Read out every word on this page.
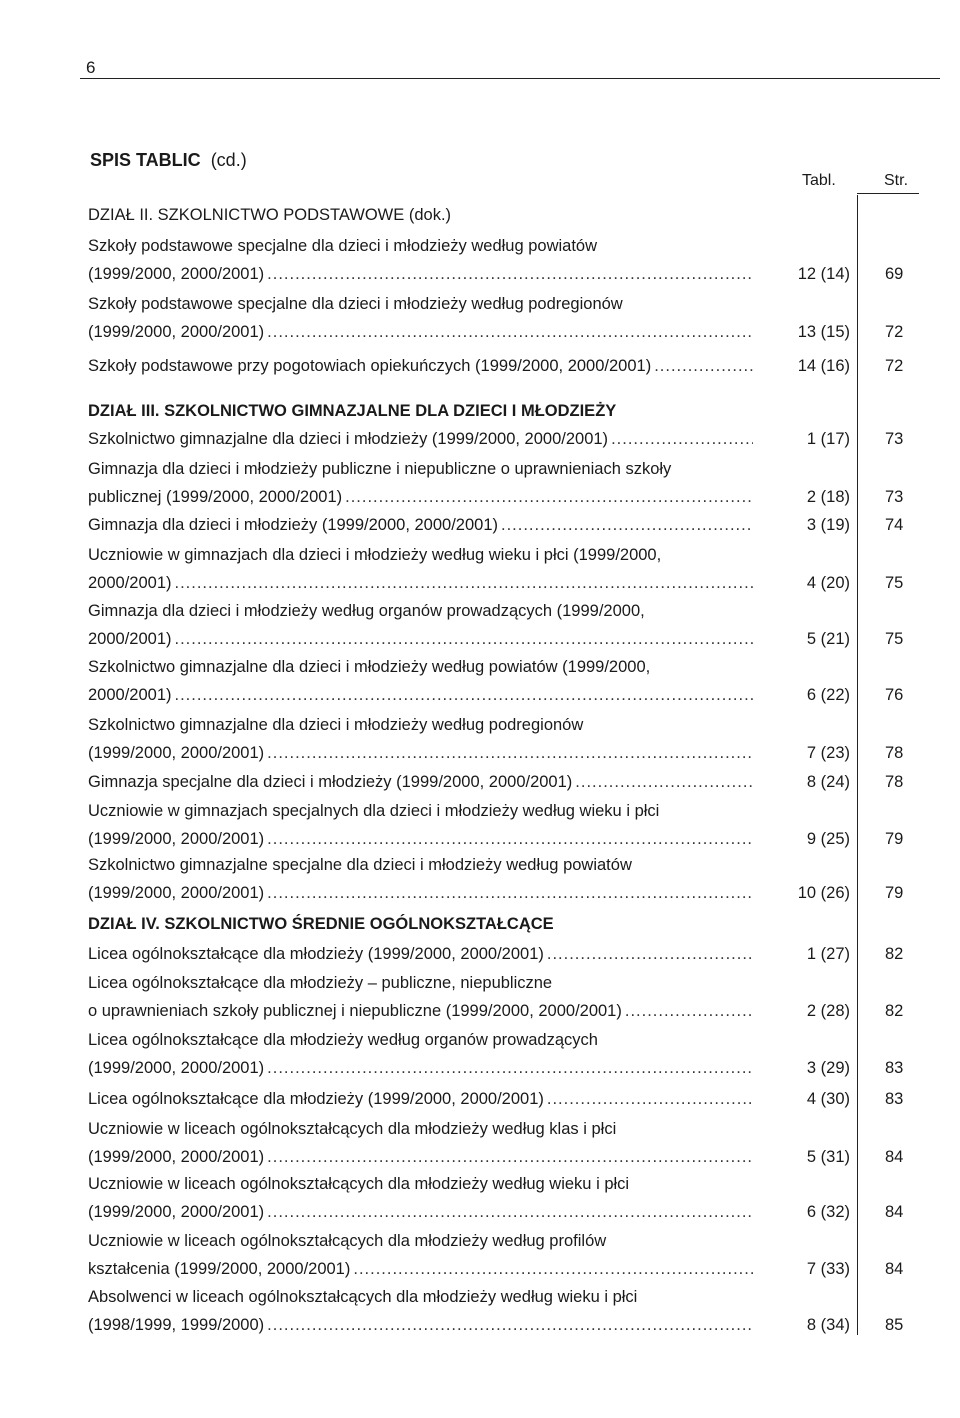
6
SPIS TABLIC (cd.)
Tabl.	Str.
DZIAŁ II. SZKOLNICTWO PODSTAWOWE (dok.)
DZIAŁ III. SZKOLNICTWO GIMNAZJALNE DLA DZIECI I MŁODZIEŻY
DZIAŁ IV. SZKOLNICTWO ŚREDNIE OGÓLNOKSZTAŁCĄCE
Szkoły podstawowe specjalne dla dzieci i młodzieży według powiatów
(1999/2000, 2000/2001) .....	12 (14) 69
Szkoły podstawowe specjalne dla dzieci i młodzieży według podregionów
(1999/2000, 2000/2001) .....	13 (15) 72
Szkoły podstawowe przy pogotowiach opiekuńczych (1999/2000, 2000/2001) .....	14 (16) 72
Szkolnictwo gimnazjalne dla dzieci i młodzieży (1999/2000, 2000/2001) .....	1 (17) 73
Gimnazja dla dzieci i młodzieży publiczne i niepubliczne o uprawnieniach szkoły
publicznej (1999/2000, 2000/2001) .....	2 (18) 73
Gimnazja dla dzieci i młodzieży (1999/2000, 2000/2001) .....	3 (19) 74
Uczniowie w gimnazjach dla dzieci i młodzieży według wieku i płci (1999/2000,
2000/2001) .....	4 (20) 75
Gimnazja dla dzieci i młodzieży według organów prowadzących (1999/2000,
2000/2001) .....	5 (21) 75
Szkolnictwo gimnazjalne dla dzieci i młodzieży według powiatów (1999/2000,
2000/2001) .....	6 (22) 76
Szkolnictwo gimnazjalne dla dzieci i młodzieży według podregionów
(1999/2000, 2000/2001) .....	7 (23) 78
Gimnazja specjalne dla dzieci i młodzieży (1999/2000, 2000/2001) .....	8 (24) 78
Uczniowie w gimnazjach specjalnych dla dzieci i młodzieży według wieku i płci
(1999/2000, 2000/2001) .....	9 (25) 79
Szkolnictwo gimnazjalne specjalne dla dzieci i młodzieży według powiatów
(1999/2000, 2000/2001) .....	10 (26) 79
Licea ogólnokształcące dla młodzieży (1999/2000, 2000/2001) .....	1 (27) 82
Licea ogólnokształcące dla młodzieży – publiczne, niepubliczne
o uprawnieniach szkoły publicznej i niepubliczne (1999/2000, 2000/2001) .....	2 (28) 82
Licea ogólnokształcące dla młodzieży według organów prowadzących
(1999/2000, 2000/2001) .....	3 (29) 83
Licea ogólnokształcące dla młodzieży (1999/2000, 2000/2001) .....	4 (30) 83
Uczniowie w liceach ogólnokształcących dla młodzieży według klas i płci
(1999/2000, 2000/2001) .....	5 (31) 84
Uczniowie w liceach ogólnokształcących dla młodzieży według wieku i płci
(1999/2000, 2000/2001) .....	6 (32) 84
Uczniowie w liceach ogólnokształcących dla młodzieży według profilów
kształcenia (1999/2000, 2000/2001) .....	7 (33) 84
Absolwenci w liceach ogólnokształcących dla młodzieży według wieku i płci
(1998/1999, 1999/2000) .....	8 (34) 85
